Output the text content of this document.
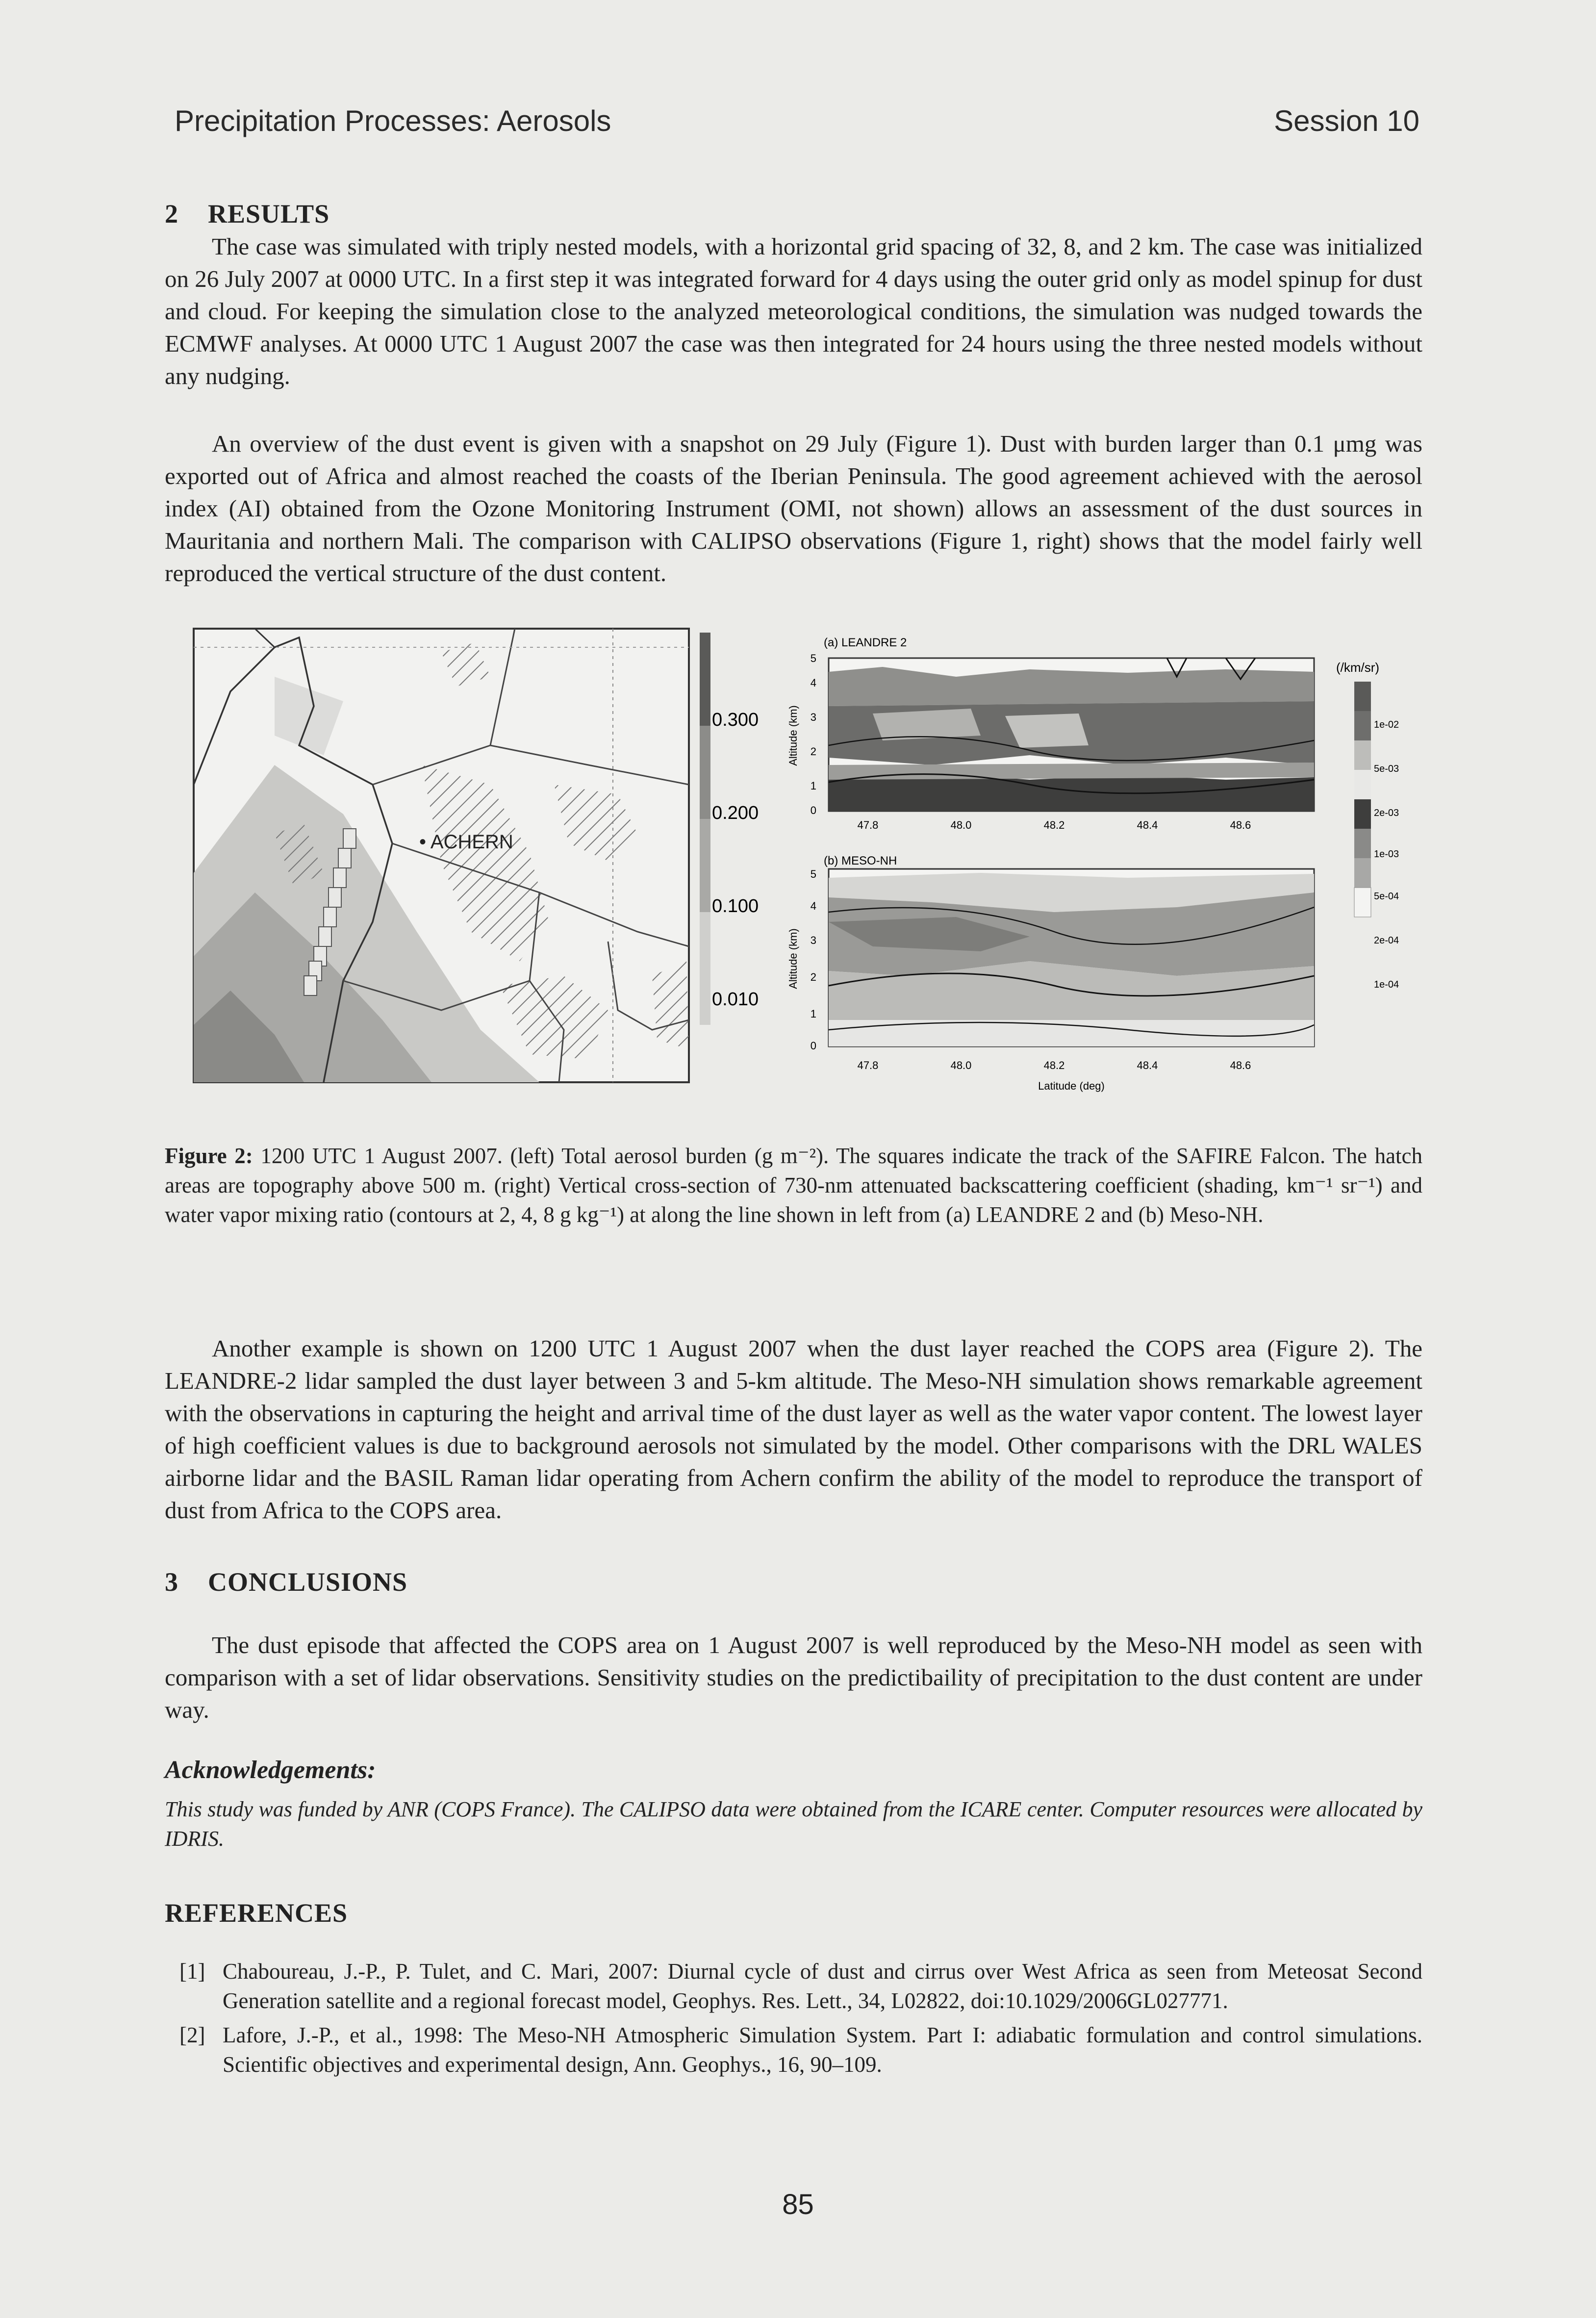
Precipitation Processes: Aerosols	Session 10
2 RESULTS

The case was simulated with triply nested models, with a horizontal grid spacing of 32, 8, and 2 km. The case was initialized on 26 July 2007 at 0000 UTC. In a first step it was integrated forward for 4 days using the outer grid only as model spinup for dust and cloud. For keeping the simulation close to the analyzed meteorological conditions, the simulation was nudged towards the ECMWF analyses. At 0000 UTC 1 August 2007 the case was then integrated for 24 hours using the three nested models without any nudging.

An overview of the dust event is given with a snapshot on 29 July (Figure 1). Dust with burden larger than 0.1 μmg was exported out of Africa and almost reached the coasts of the Iberian Peninsula. The good agreement achieved with the aerosol index (AI) obtained from the Ozone Monitoring Instrument (OMI, not shown) allows an assessment of the dust sources in Mauritania and northern Mali. The comparison with CALIPSO observations (Figure 1, right) shows that the model fairly well reproduced the vertical structure of the dust content.

• ACHERN
0.300
0.200
0.100
0.010
(a) LEANDRE 2
5
4
3
2
1
0
Altitude (km)
47.8	48.0	48.2	48.4	48.6
(b) MESO-NH
5
4
3
2
1
0
Altitude (km)
47.8	48.0	48.2	48.4	48.6
Latitude (deg)
(/km/sr)
1e-02
5e-03
2e-03
1e-03
5e-04
2e-04
1e-04

Figure 2: 1200 UTC 1 August 2007. (left) Total aerosol burden (g m⁻²). The squares indicate the track of the SAFIRE Falcon. The hatch areas are topography above 500 m. (right) Vertical cross-section of 730-nm attenuated backscattering coefficient (shading, km⁻¹ sr⁻¹) and water vapor mixing ratio (contours at 2, 4, 8 g kg⁻¹) at along the line shown in left from (a) LEANDRE 2 and (b) Meso-NH.

Another example is shown on 1200 UTC 1 August 2007 when the dust layer reached the COPS area (Figure 2). The LEANDRE-2 lidar sampled the dust layer between 3 and 5-km altitude. The Meso-NH simulation shows remarkable agreement with the observations in capturing the height and arrival time of the dust layer as well as the water vapor content. The lowest layer of high coefficient values is due to background aerosols not simulated by the model. Other comparisons with the DRL WALES airborne lidar and the BASIL Raman lidar operating from Achern confirm the ability of the model to reproduce the transport of dust from Africa to the COPS area.

3 CONCLUSIONS

The dust episode that affected the COPS area on 1 August 2007 is well reproduced by the Meso-NH model as seen with comparison with a set of lidar observations. Sensitivity studies on the predictibaility of precipitation to the dust content are under way.

Acknowledgements:

This study was funded by ANR (COPS France). The CALIPSO data were obtained from the ICARE center. Computer resources were allocated by IDRIS.

REFERENCES
[1] Chaboureau, J.-P., P. Tulet, and C. Mari, 2007: Diurnal cycle of dust and cirrus over West Africa as seen from Meteosat Second Generation satellite and a regional forecast model, Geophys. Res. Lett., 34, L02822, doi:10.1029/2006GL027771.
[2] Lafore, J.-P., et al., 1998: The Meso-NH Atmospheric Simulation System. Part I: adiabatic formulation and control simulations. Scientific objectives and experimental design, Ann. Geophys., 16, 90–109.
85
